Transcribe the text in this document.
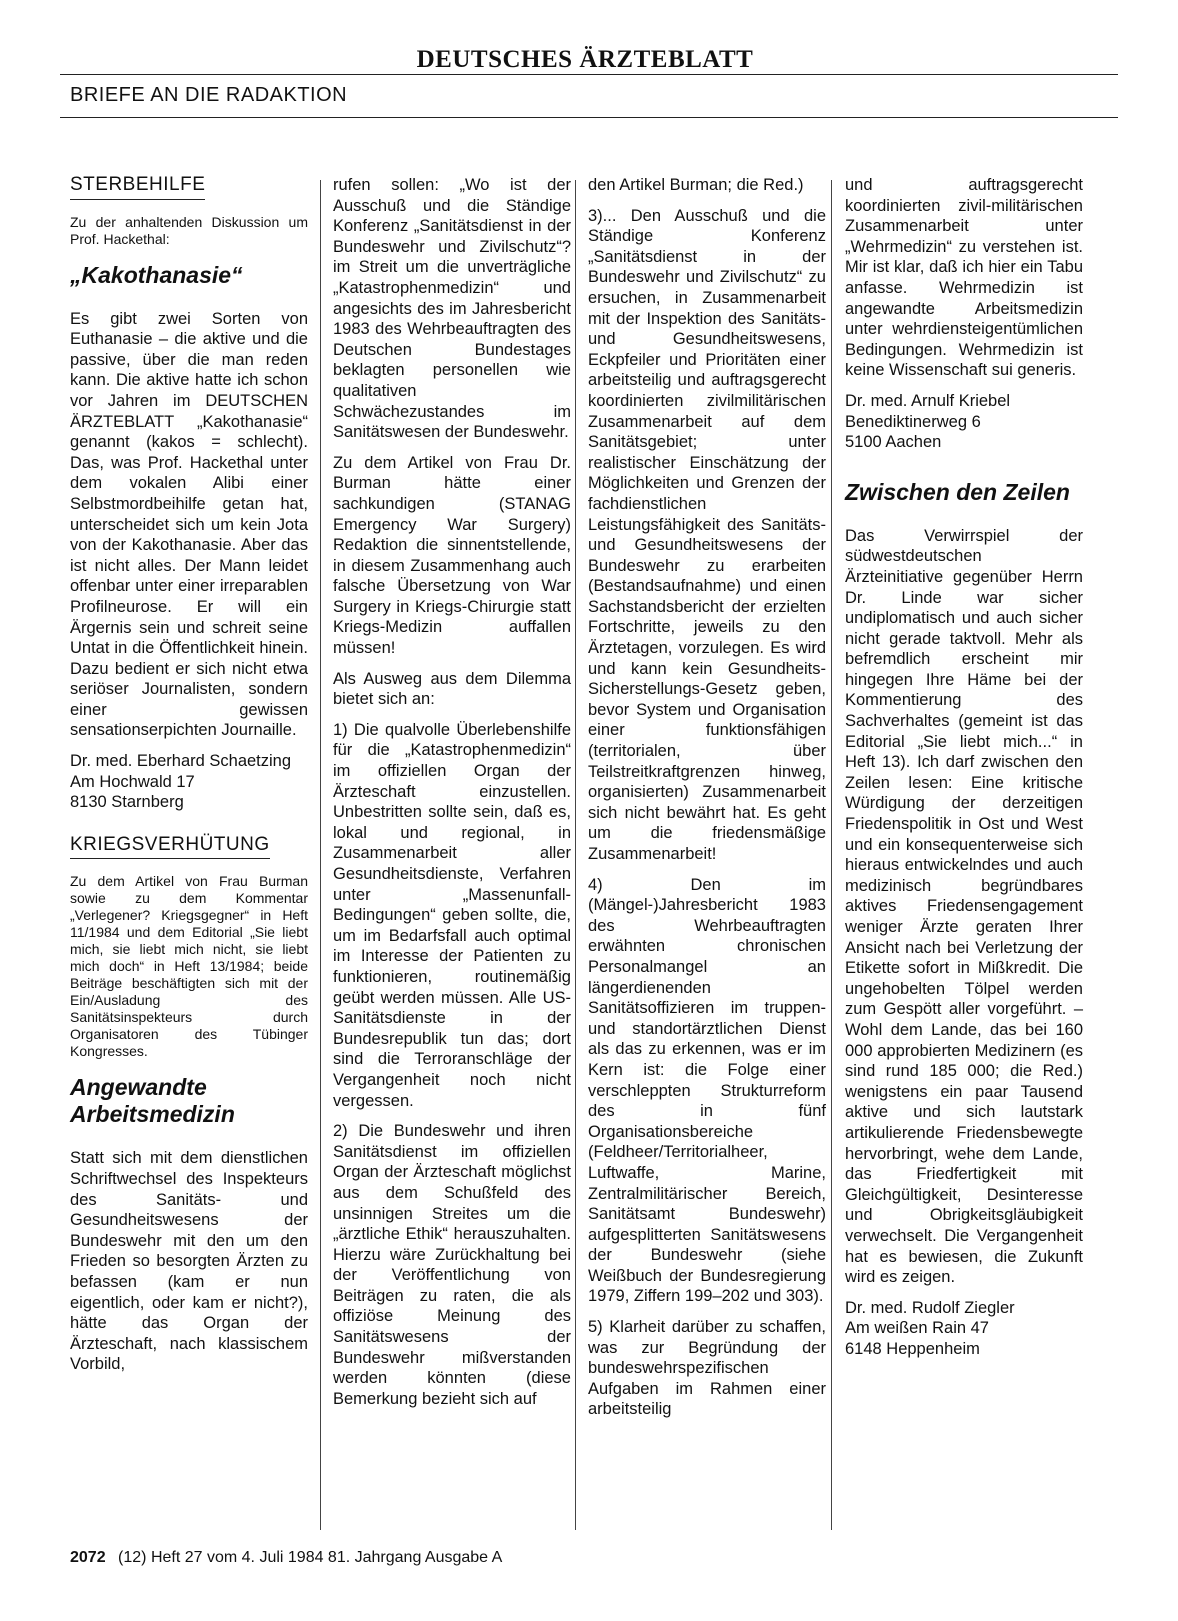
DEUTSCHES ÄRZTEBLATT
BRIEFE AN DIE RADAKTION
STERBEHILFE

Zu der anhaltenden Diskussion um Prof. Hackethal:

„Kakothanasie“

Es gibt zwei Sorten von Euthanasie – die aktive und die passive, über die man reden kann. Die aktive hatte ich schon vor Jahren im DEUTSCHEN ÄRZTEBLATT „Kakothanasie“ genannt (kakos = schlecht). Das, was Prof. Hackethal unter dem vokalen Alibi einer Selbstmordbeihilfe getan hat, unterscheidet sich um kein Jota von der Kakothanasie. Aber das ist nicht alles. Der Mann leidet offenbar unter einer irreparablen Profilneurose. Er will ein Ärgernis sein und schreit seine Untat in die Öffentlichkeit hinein. Dazu bedient er sich nicht etwa seriöser Journalisten, sondern einer gewissen sensationserpichten Journaille.

Dr. med. Eberhard Schaetzing
Am Hochwald 17
8130 Starnberg
KRIEGSVERHÜTUNG

Zu dem Artikel von Frau Burman sowie zu dem Kommentar „Verlegener? Kriegsgegner“ in Heft 11/1984 und dem Editorial „Sie liebt mich, sie liebt mich nicht, sie liebt mich doch“ in Heft 13/1984; beide Beiträge beschäftigten sich mit der Ein/Ausladung des Sanitätsinspekteurs durch Organisatoren des Tübinger Kongresses.

Angewandte Arbeitsmedizin

Statt sich mit dem dienstlichen Schriftwechsel des Inspekteurs des Sanitäts- und Gesundheitswesens der Bundeswehr mit den um den Frieden so besorgten Ärzten zu befassen (kam er nun eigentlich, oder kam er nicht?), hätte das Organ der Ärzteschaft, nach klassischem Vorbild,

rufen sollen: „Wo ist der Ausschuß und die Ständige Konferenz „Sanitätsdienst in der Bundeswehr und Zivilschutz“? im Streit um die unverträgliche „Katastrophenmedizin“ und angesichts des im Jahresbericht 1983 des Wehrbeauftragten des Deutschen Bundestages beklagten personellen wie qualitativen Schwächezustandes im Sanitätswesen der Bundeswehr.

Zu dem Artikel von Frau Dr. Burman hätte einer sachkundigen (STANAG Emergency War Surgery) Redaktion die sinnentstellende, in diesem Zusammenhang auch falsche Übersetzung von War Surgery in Kriegs-Chirurgie statt Kriegs-Medizin auffallen müssen!

Als Ausweg aus dem Dilemma bietet sich an:

1) Die qualvolle Überlebenshilfe für die „Katastrophenmedizin“ im offiziellen Organ der Ärzteschaft einzustellen. Unbestritten sollte sein, daß es, lokal und regional, in Zusammenarbeit aller Gesundheitsdienste, Verfahren unter „Massenunfall-Bedingungen“ geben sollte, die, um im Bedarfsfall auch optimal im Interesse der Patienten zu funktionieren, routinemäßig geübt werden müssen. Alle US-Sanitätsdienste in der Bundesrepublik tun das; dort sind die Terroranschläge der Vergangenheit noch nicht vergessen.

2) Die Bundeswehr und ihren Sanitätsdienst im offiziellen Organ der Ärzteschaft möglichst aus dem Schußfeld des unsinnigen Streites um die „ärztliche Ethik“ herauszuhalten. Hierzu wäre Zurückhaltung bei der Veröffentlichung von Beiträgen zu raten, die als offiziöse Meinung des Sanitätswesens der Bundeswehr mißverstanden werden könnten (diese Bemerkung bezieht sich auf

den Artikel Burman; die Red.)

3)... Den Ausschuß und die Ständige Konferenz „Sanitätsdienst in der Bundeswehr und Zivilschutz“ zu ersuchen, in Zusammenarbeit mit der Inspektion des Sanitäts- und Gesundheitswesens, Eckpfeiler und Prioritäten einer arbeitsteilig und auftragsgerecht koordinierten zivilmilitärischen Zusammenarbeit auf dem Sanitätsgebiet; unter realistischer Einschätzung der Möglichkeiten und Grenzen der fachdienstlichen Leistungsfähigkeit des Sanitäts- und Gesundheitswesens der Bundeswehr zu erarbeiten (Bestandsaufnahme) und einen Sachstandsbericht der erzielten Fortschritte, jeweils zu den Ärztetagen, vorzulegen. Es wird und kann kein Gesundheits-Sicherstellungs-Gesetz geben, bevor System und Organisation einer funktionsfähigen (territorialen, über Teilstreitkraftgrenzen hinweg, organisierten) Zusammenarbeit sich nicht bewährt hat. Es geht um die friedensmäßige Zusammenarbeit!

4) Den im (Mängel-)Jahresbericht 1983 des Wehrbeauftragten erwähnten chronischen Personalmangel an längerdienenden Sanitätsoffizieren im truppen- und standortärztlichen Dienst als das zu erkennen, was er im Kern ist: die Folge einer verschleppten Strukturreform des in fünf Organisationsbereiche (Feldheer/Territorialheer, Luftwaffe, Marine, Zentralmilitärischer Bereich, Sanitätsamt Bundeswehr) aufgesplitterten Sanitätswesens der Bundeswehr (siehe Weißbuch der Bundesregierung 1979, Ziffern 199–202 und 303).

5) Klarheit darüber zu schaffen, was zur Begründung der bundeswehrspezifischen Aufgaben im Rahmen einer arbeitsteilig

und auftragsgerecht koordinierten zivil-militärischen Zusammenarbeit unter „Wehrmedizin“ zu verstehen ist. Mir ist klar, daß ich hier ein Tabu anfasse. Wehrmedizin ist angewandte Arbeitsmedizin unter wehrdienstеigentümlichen Bedingungen. Wehrmedizin ist keine Wissenschaft sui generis.

Dr. med. Arnulf Kriebel
Benediktinerweg 6
5100 Aachen
Zwischen den Zeilen

Das Verwirrspiel der südwestdeutschen Ärzteinitiative gegenüber Herrn Dr. Linde war sicher undiplomatisch und auch sicher nicht gerade taktvoll. Mehr als befremdlich erscheint mir hingegen Ihre Häme bei der Kommentierung des Sachverhaltes (gemeint ist das Editorial „Sie liebt mich...“ in Heft 13). Ich darf zwischen den Zeilen lesen: Eine kritische Würdigung der derzeitigen Friedenspolitik in Ost und West und ein konsequenterweise sich hieraus entwickelndes und auch medizinisch begründbares aktives Friedensengagement weniger Ärzte geraten Ihrer Ansicht nach bei Verletzung der Etikette sofort in Mißkredit. Die ungehobelten Tölpel werden zum Gespött aller vorgeführt. – Wohl dem Lande, das bei 160 000 approbierten Medizinern (es sind rund 185 000; die Red.) wenigstens ein paar Tausend aktive und sich lautstark artikulierende Friedensbewegte hervorbringt, wehe dem Lande, das Friedfertigkeit mit Gleichgültigkeit, Desinteresse und Obrigkeitsgläubigkeit verwechselt. Die Vergangenheit hat es bewiesen, die Zukunft wird es zeigen.

Dr. med. Rudolf Ziegler
Am weißen Rain 47
6148 Heppenheim
2072 (12) Heft 27 vom 4. Juli 1984 81. Jahrgang Ausgabe A
